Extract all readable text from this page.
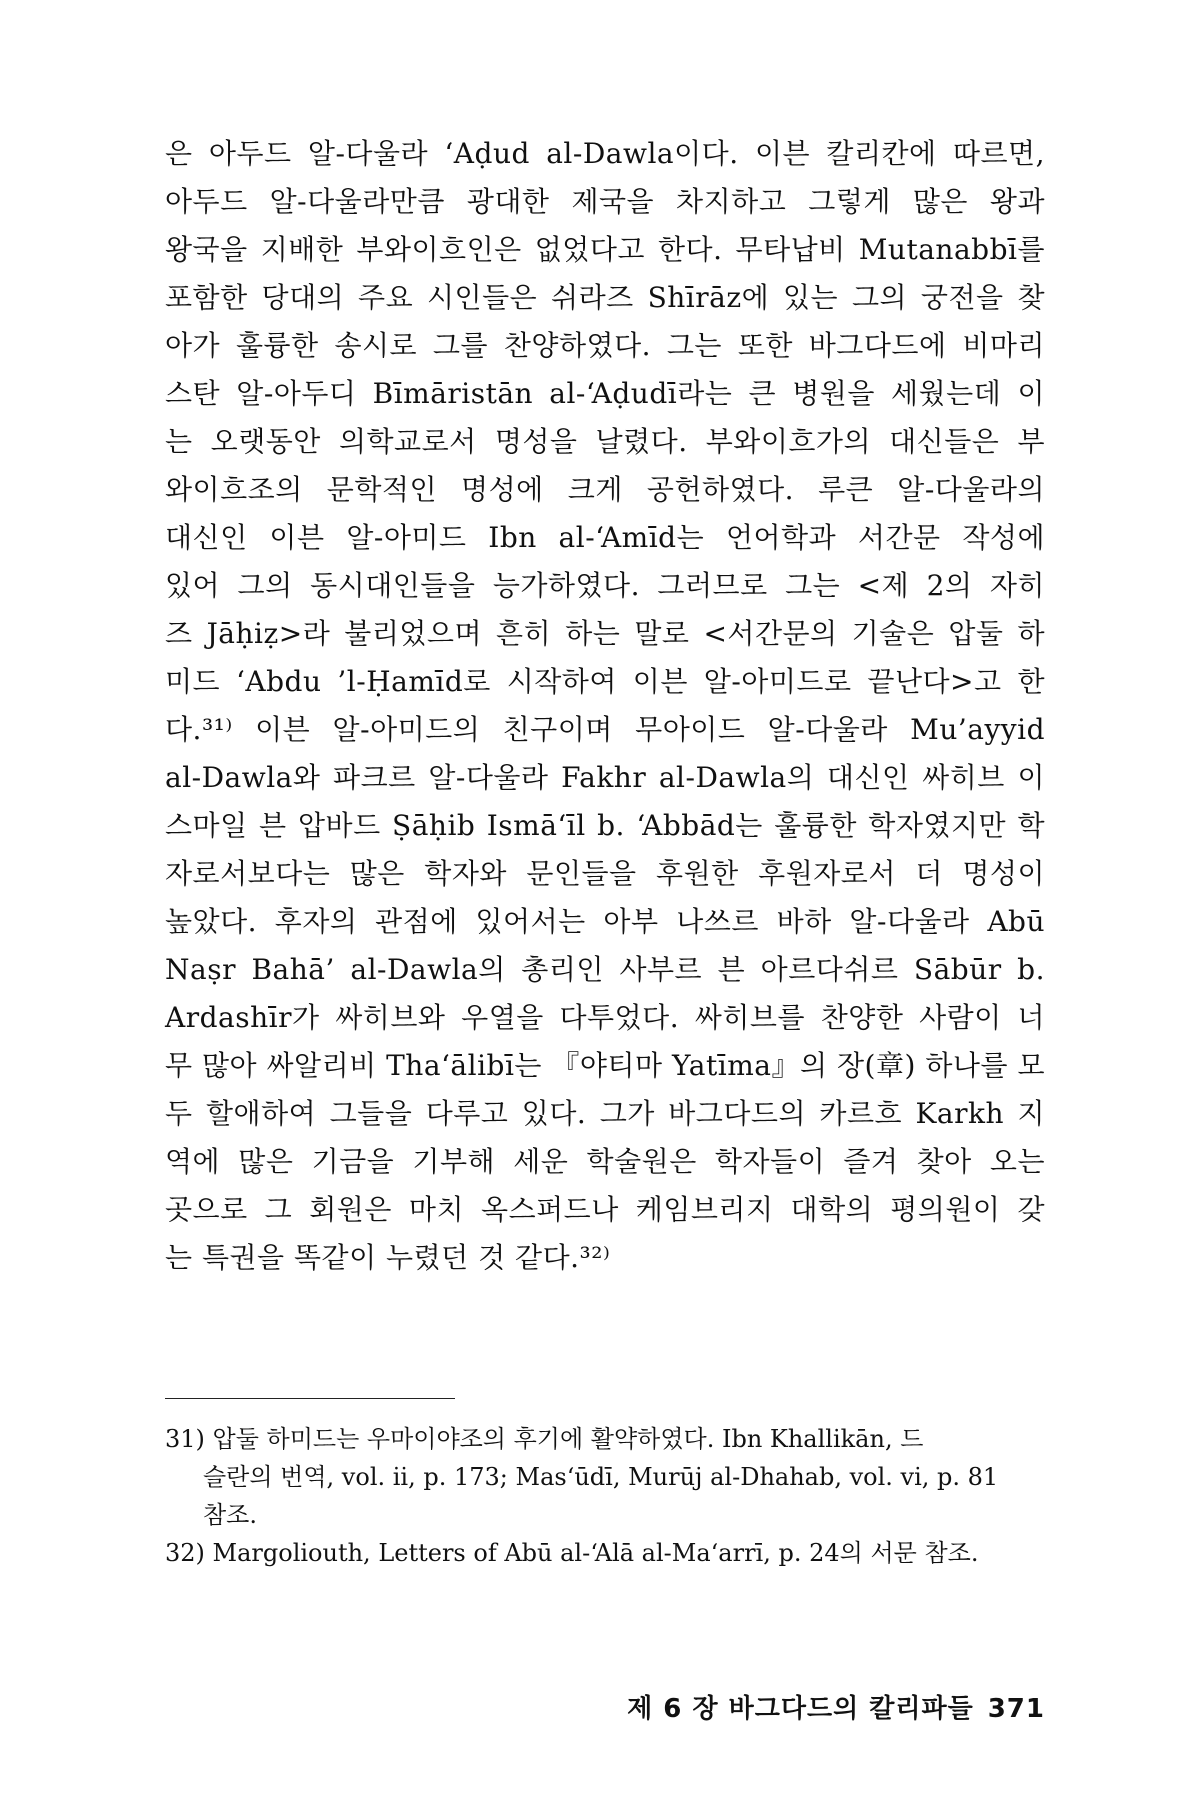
은 아두드 알-다울라 ‘Aḍud al-Dawla이다. 이븐 칼리칸에 따르면,
아두드 알-다울라만큼 광대한 제국을 차지하고 그렇게 많은 왕과
왕국을 지배한 부와이흐인은 없었다고 한다. 무타납비 Mutanabbī를
포함한 당대의 주요 시인들은 쉬라즈 Shīrāz에 있는 그의 궁전을 찾
아가 훌륭한 송시로 그를 찬양하였다. 그는 또한 바그다드에 비마리
스탄 알-아두디 Bīmāristān al-‘Aḍudī라는 큰 병원을 세웠는데 이
는 오랫동안 의학교로서 명성을 날렸다. 부와이흐가의 대신들은 부
와이흐조의 문학적인 명성에 크게 공헌하였다. 루큰 알-다울라의
대신인 이븐 알-아미드 Ibn al-‘Amīd는 언어학과 서간문 작성에
있어 그의 동시대인들을 능가하였다. 그러므로 그는 <제 2의 자히
즈 Jāḥiẓ>라 불리었으며 흔히 하는 말로 <서간문의 기술은 압둘 하
미드 ‘Abdu ’l-Ḥamīd로 시작하여 이븐 알-아미드로 끝난다>고 한
다.³¹⁾ 이븐 알-아미드의 친구이며 무아이드 알-다울라 Mu’ayyid
al-Dawla와 파크르 알-다울라 Fakhr al-Dawla의 대신인 싸히브 이
스마일 븐 압바드 Ṣāḥib Ismā‘īl b. ‘Abbād는 훌륭한 학자였지만 학
자로서보다는 많은 학자와 문인들을 후원한 후원자로서 더 명성이
높았다. 후자의 관점에 있어서는 아부 나쓰르 바하 알-다울라 Abū
Naṣr Bahā’ al-Dawla의 총리인 사부르 븐 아르다쉬르 Sābūr b.
Ardashīr가 싸히브와 우열을 다투었다. 싸히브를 찬양한 사람이 너
무 많아 싸알리비 Tha‘ālibī는 『야티마 Yatīma』의 장(章) 하나를 모
두 할애하여 그들을 다루고 있다. 그가 바그다드의 카르흐 Karkh 지
역에 많은 기금을 기부해 세운 학술원은 학자들이 즐겨 찾아 오는
곳으로 그 회원은 마치 옥스퍼드나 케임브리지 대학의 평의원이 갖
는 특권을 똑같이 누렸던 것 같다.³²⁾
31) 압둘 하미드는 우마이야조의 후기에 활약하였다. Ibn Khallikān, 드
슬란의 번역, vol. ii, p. 173; Mas‘ūdī, Murūj al-Dhahab, vol. vi, p. 81
참조.
32) Margoliouth, Letters of Abū al-‘Alā al-Ma‘arrī, p. 24의 서문 참조.
제 6 장 바그다드의 칼리파들 371
